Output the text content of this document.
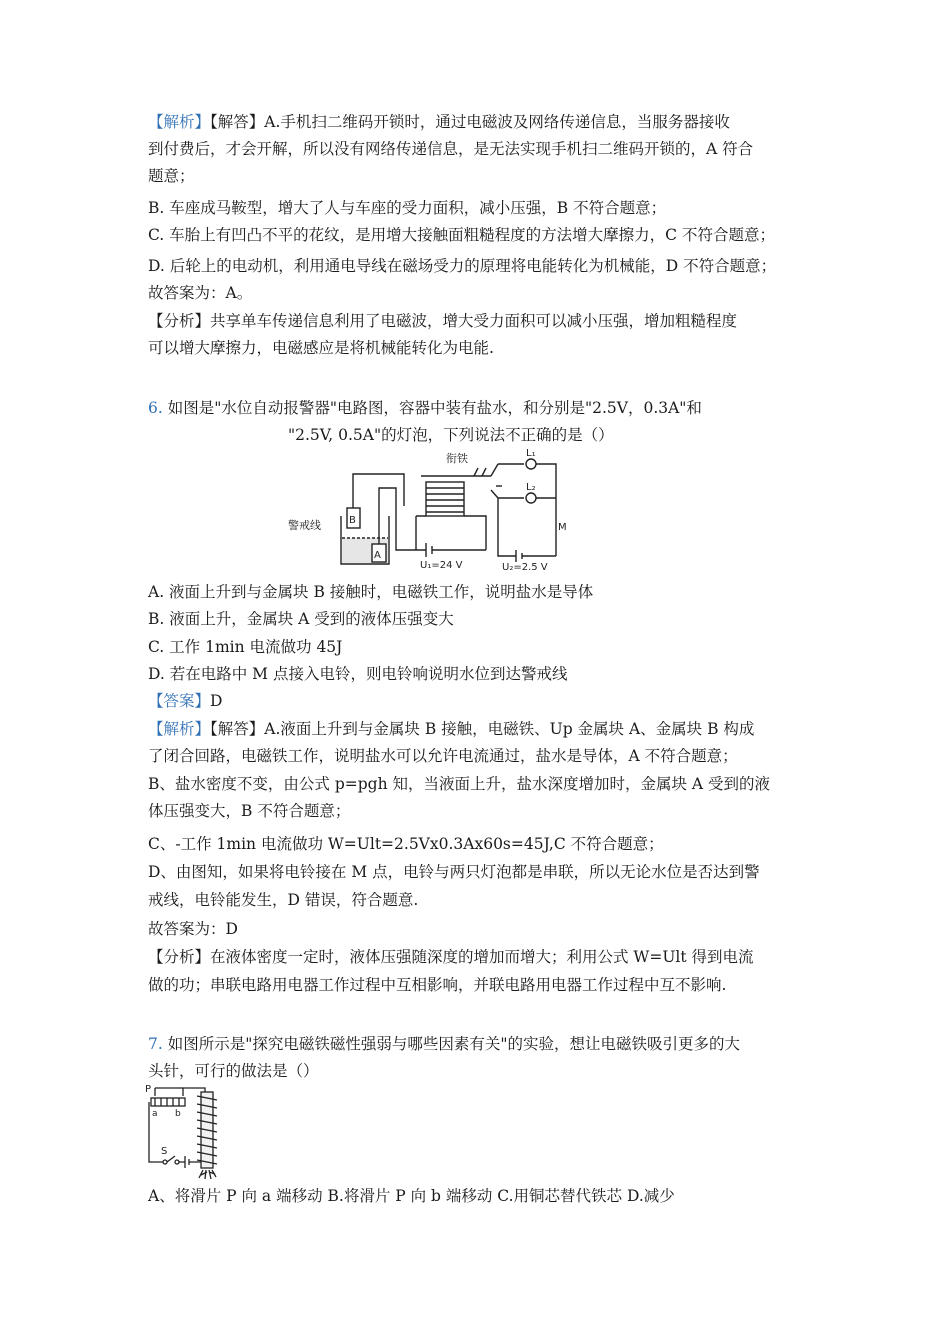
【解析】【解答】A.手机扫二维码开锁时，通过电磁波及网络传递信息，当服务器接收
到付费后，才会开解，所以没有网络传递信息，是无法实现手机扫二维码开锁的，A 符合
题意；
B. 车座成马鞍型，增大了人与车座的受力面积，减小压强，B 不符合题意；
C. 车胎上有凹凸不平的花纹，是用增大接触面粗糙程度的方法增大摩擦力，C 不符合题意；
D. 后轮上的电动机，利用通电导线在磁场受力的原理将电能转化为机械能，D 不符合题意；
故答案为：A。
【分析】共享单车传递信息利用了电磁波，增大受力面积可以减小压强，增加粗糙程度
可以增大摩擦力，电磁感应是将机械能转化为电能.
6. 如图是"水位自动报警器"电路图，容器中装有盐水，和分别是"2.5V，0.3A"和
"2.5V, 0.5A"的灯泡，下列说法不正确的是（）
衔铁
警戒线	B
A
L₁
L₂
M
U₁=24 V	U₂=2.5 V
A. 液面上升到与金属块 B 接触时，电磁铁工作，说明盐水是导体
B. 液面上升，金属块 A 受到的液体压强变大
C. 工作 1min 电流做功 45J
D. 若在电路中 M 点接入电铃，则电铃响说明水位到达警戒线
【答案】D
【解析】【解答】A.液面上升到与金属块 B 接触，电磁铁、Up 金属块 A、金属块 B 构成
了闭合回路，电磁铁工作，说明盐水可以允许电流通过，盐水是导体，A 不符合题意；
B、盐水密度不变，由公式 p=pgh 知，当液面上升，盐水深度增加时，金属块 A 受到的液
体压强变大，B 不符合题意；
C、-工作 1min 电流做功 W=Ult=2.5Vx0.3Ax60s=45J,C 不符合题意；
D、由图知，如果将电铃接在 M 点，电铃与两只灯泡都是串联，所以无论水位是否达到警
戒线，电铃能发生，D 错误，符合题意.
故答案为：D
【分析】在液体密度一定时，液体压强随深度的增加而增大；利用公式 W=Ult 得到电流
做的功；串联电路用电器工作过程中互相影响，并联电路用电器工作过程中互不影响.
7. 如图所示是"探究电磁铁磁性强弱与哪些因素有关"的实验，想让电磁铁吸引更多的大
头针，可行的做法是（）
P
a b
S
A、将滑片 P 向 a 端移动 B.将滑片 P 向 b 端移动 C.用铜芯替代铁芯 D.减少
